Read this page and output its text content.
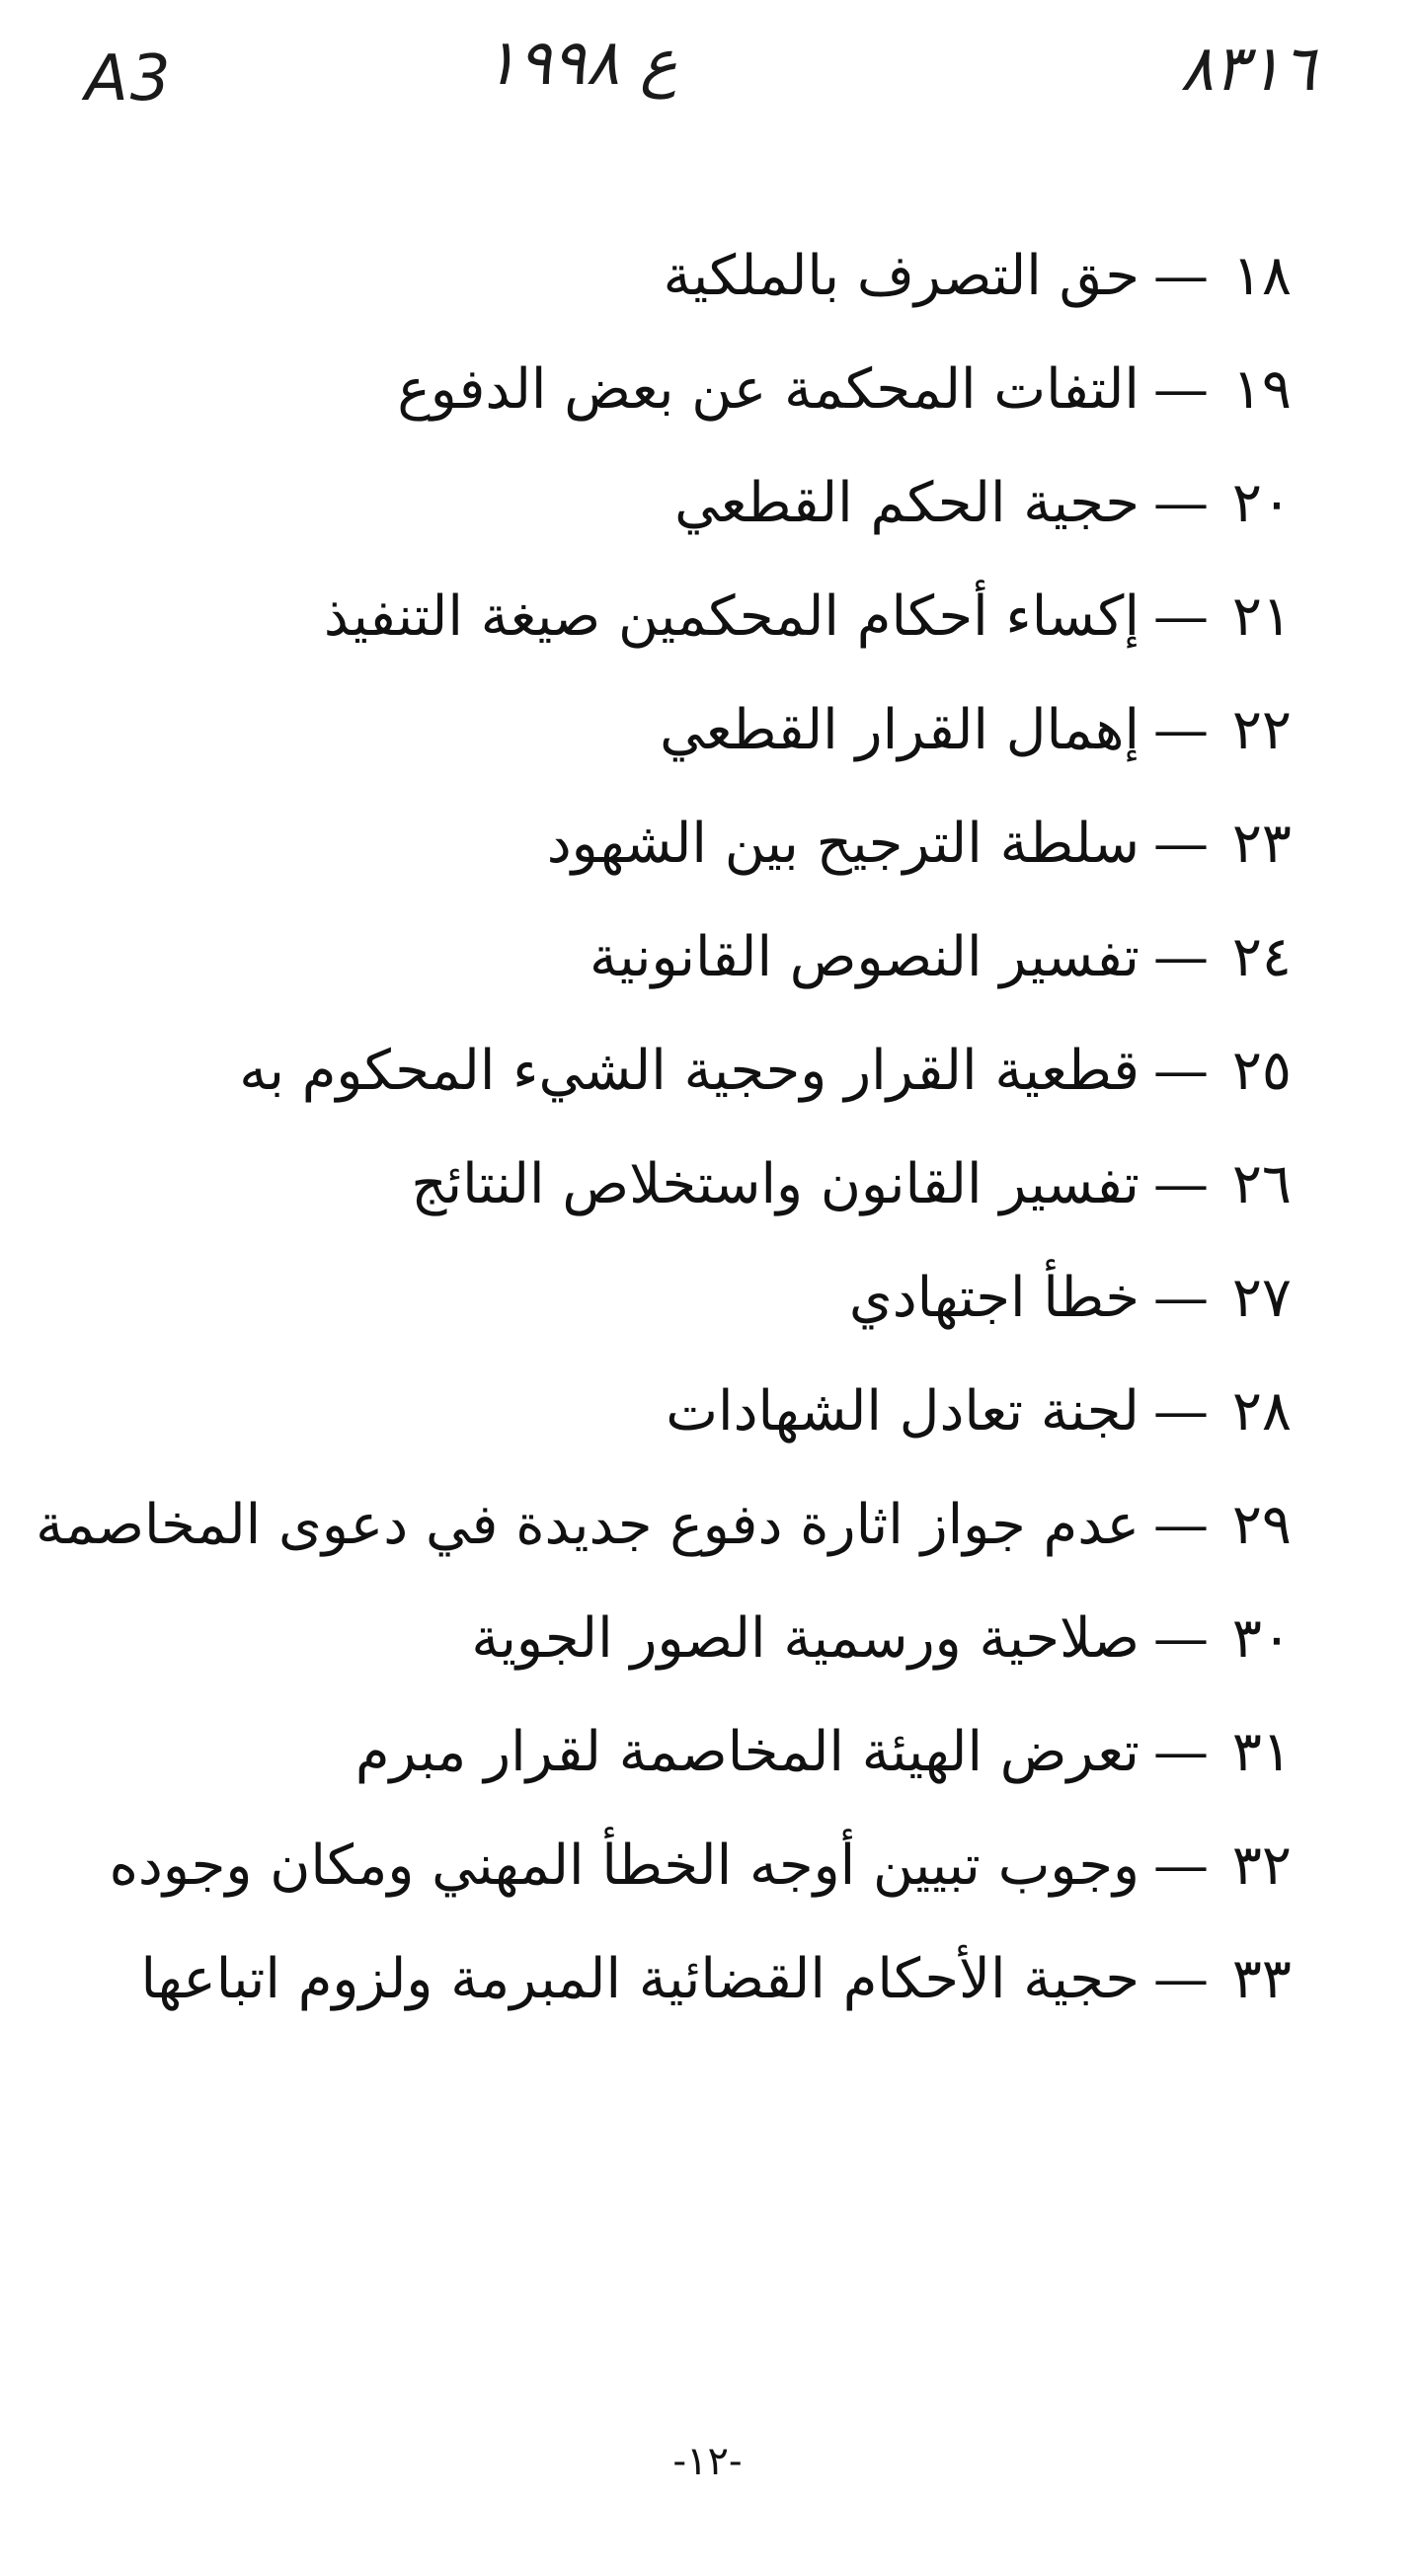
A3	ع ١٩٩٨	٨٣١٦
١٨
—
حق التصرف بالملكية
١٩
—
التفات المحكمة عن بعض الدفوع
٢٠
—
حجية الحكم القطعي
٢١
—
إكساء أحكام المحكمين صيغة التنفيذ
٢٢
—
إهمال القرار القطعي
٢٣
—
سلطة الترجيح بين الشهود
٢٤
—
تفسير النصوص القانونية
٢٥
—
قطعية القرار وحجية الشيء المحكوم به
٢٦
—
تفسير القانون واستخلاص النتائج
٢٧
—
خطأ اجتهادي
٢٨
—
لجنة تعادل الشهادات
٢٩
—
عدم جواز اثارة دفوع جديدة في دعوى المخاصمة
٣٠
—
صلاحية ورسمية الصور الجوية
٣١
—
تعرض الهيئة المخاصمة لقرار مبرم
٣٢
—
وجوب تبيين أوجه الخطأ المهني ومكان وجوده
٣٣
—
حجية الأحكام القضائية المبرمة ولزوم اتباعها
-١٢-
